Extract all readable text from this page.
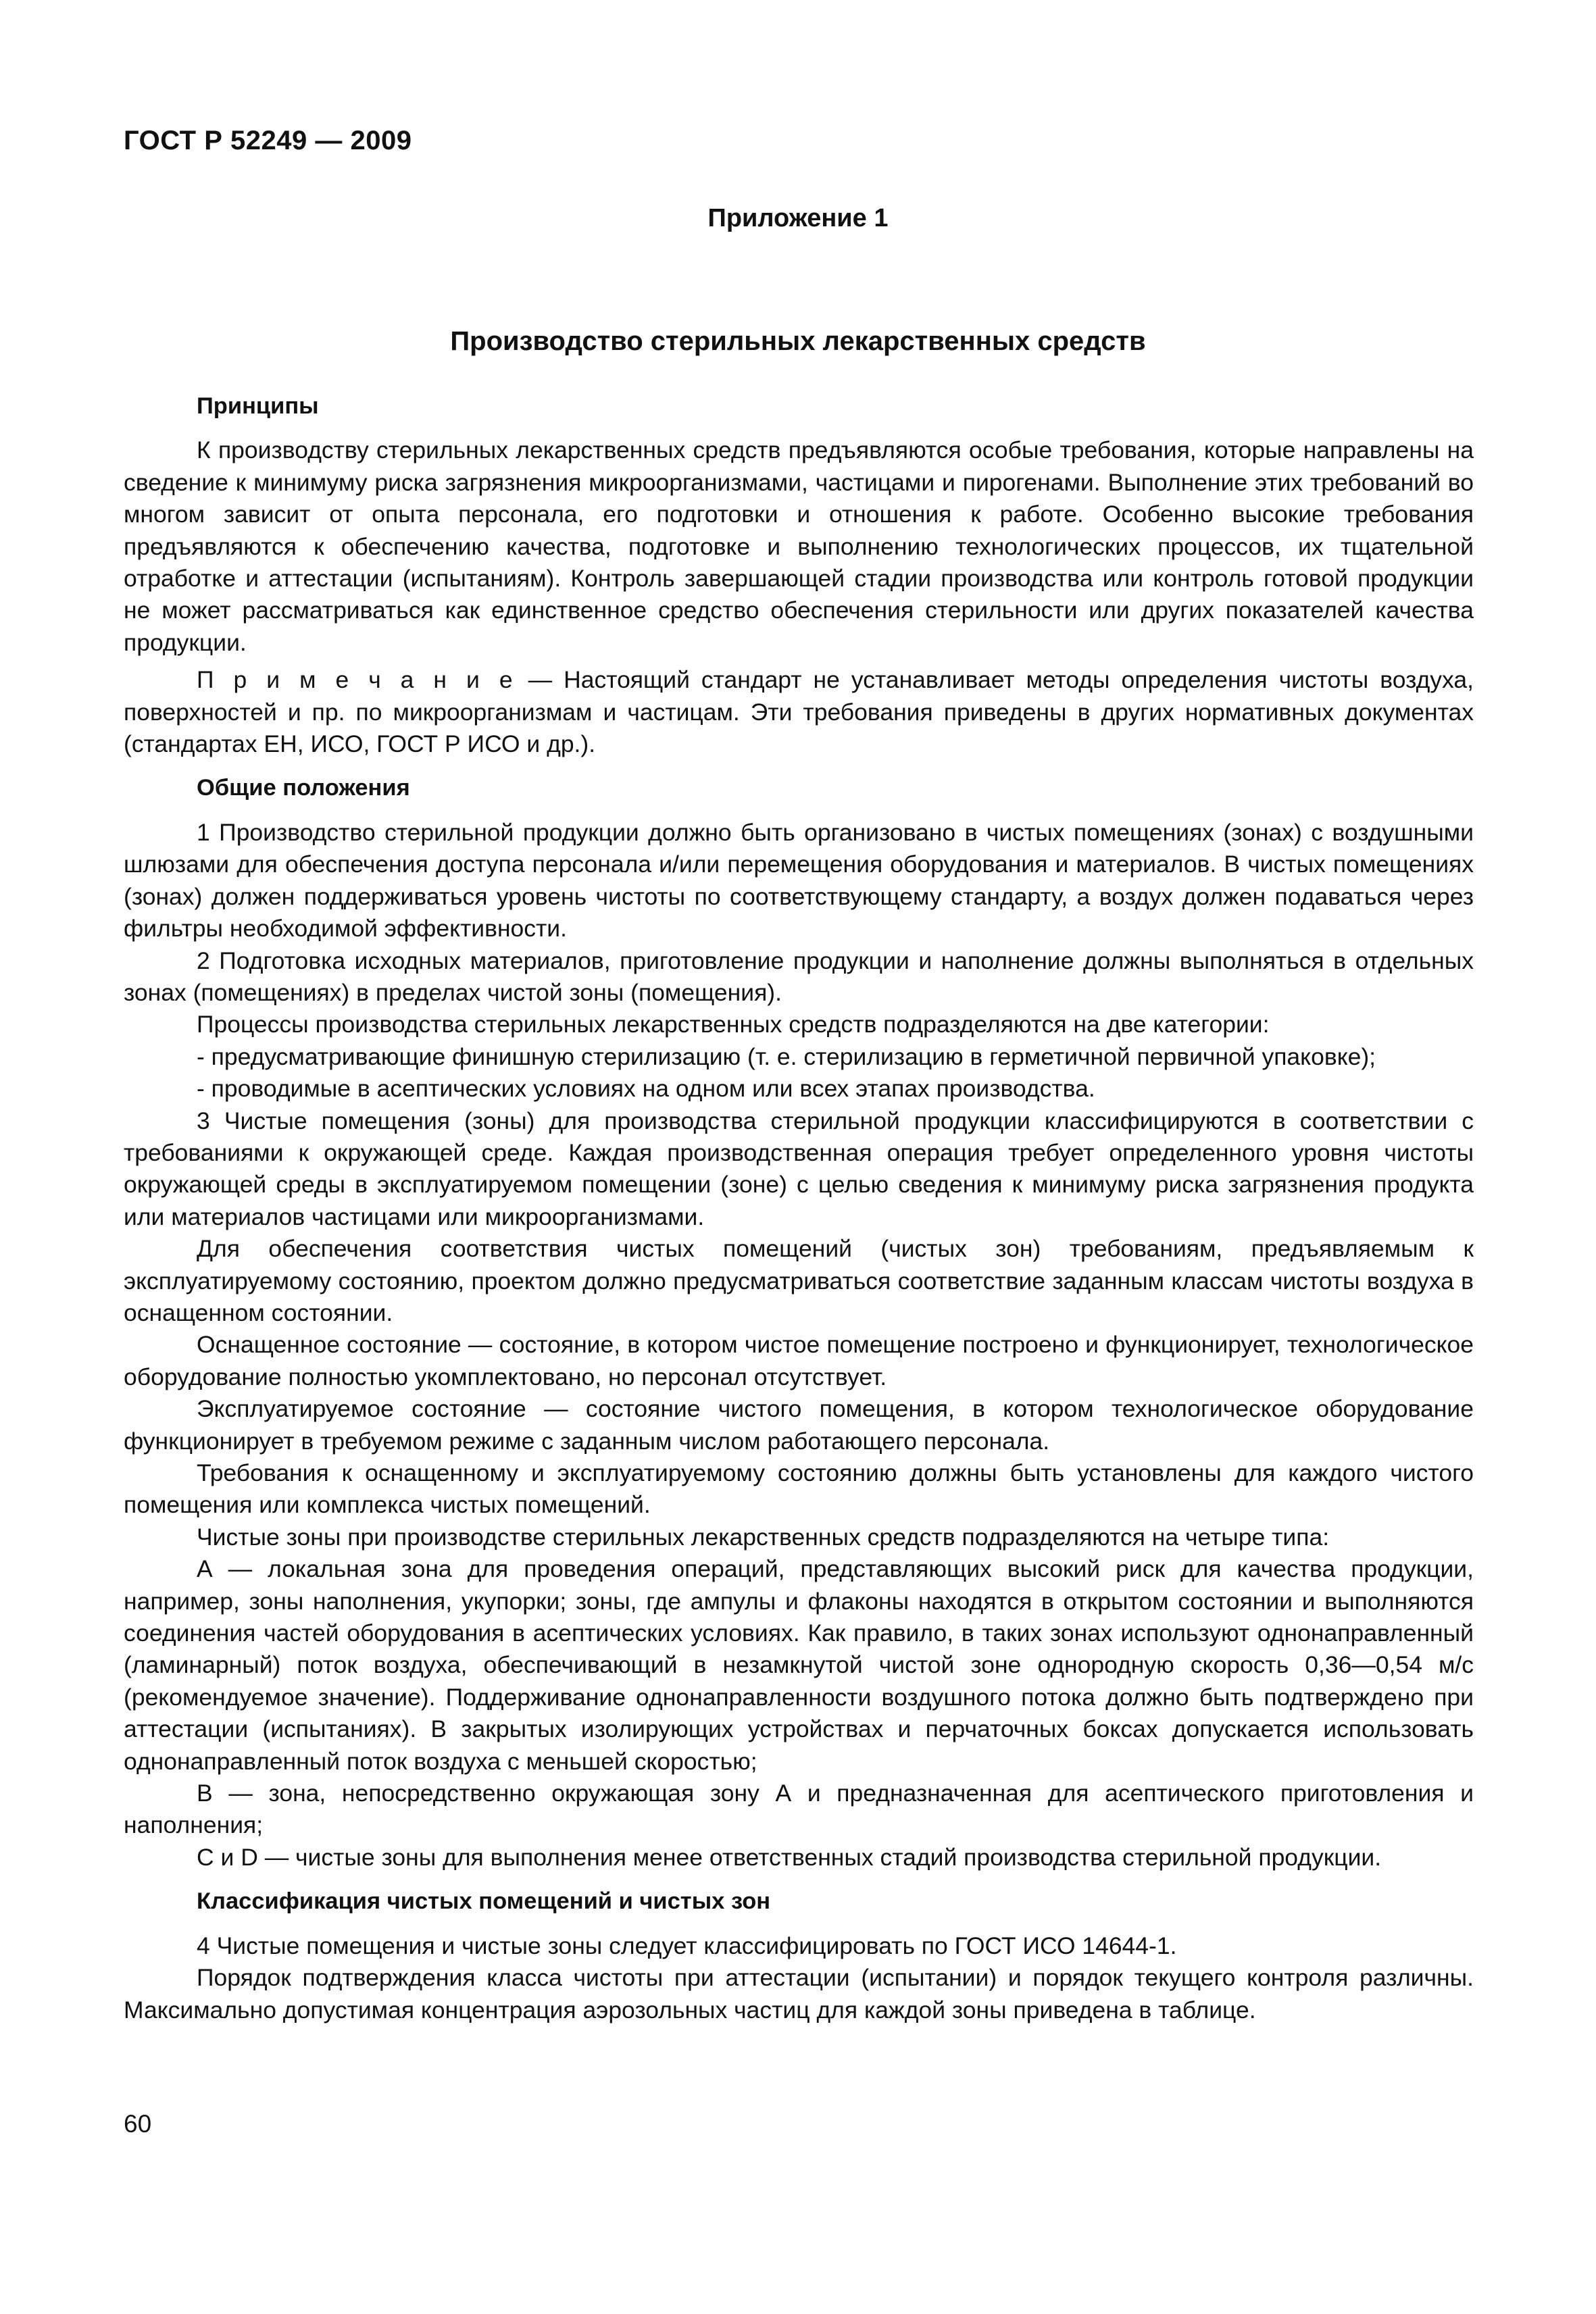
ГОСТ Р 52249 — 2009
Приложение 1
Производство стерильных лекарственных средств
Принципы

К производству стерильных лекарственных средств предъявляются особые требования, которые направлены на сведение к минимуму риска загрязнения микроорганизмами, частицами и пирогенами. Выполнение этих требований во многом зависит от опыта персонала, его подготовки и отношения к работе. Особенно высокие требования предъявляются к обеспечению качества, подготовке и выполнению технологических процессов, их тщательной отработке и аттестации (испытаниям). Контроль завершающей стадии производства или контроль готовой продукции не может рассматриваться как единственное средство обеспечения стерильности или других показателей качества продукции.

П р и м е ч а н и е — Настоящий стандарт не устанавливает методы определения чистоты воздуха, поверхностей и пр. по микроорганизмам и частицам. Эти требования приведены в других нормативных документах (стандартах ЕН, ИСО, ГОСТ Р ИСО и др.).

Общие положения

1 Производство стерильной продукции должно быть организовано в чистых помещениях (зонах) с воздушными шлюзами для обеспечения доступа персонала и/или перемещения оборудования и материалов. В чистых помещениях (зонах) должен поддерживаться уровень чистоты по соответствующему стандарту, а воздух должен подаваться через фильтры необходимой эффективности.

2 Подготовка исходных материалов, приготовление продукции и наполнение должны выполняться в отдельных зонах (помещениях) в пределах чистой зоны (помещения).

Процессы производства стерильных лекарственных средств подразделяются на две категории:

- предусматривающие финишную стерилизацию (т. е. стерилизацию в герметичной первичной упаковке);

- проводимые в асептических условиях на одном или всех этапах производства.

3 Чистые помещения (зоны) для производства стерильной продукции классифицируются в соответствии с требованиями к окружающей среде. Каждая производственная операция требует определенного уровня чистоты окружающей среды в эксплуатируемом помещении (зоне) с целью сведения к минимуму риска загрязнения продукта или материалов частицами или микроорганизмами.

Для обеспечения соответствия чистых помещений (чистых зон) требованиям, предъявляемым к эксплуатируемому состоянию, проектом должно предусматриваться соответствие заданным классам чистоты воздуха в оснащенном состоянии.

Оснащенное состояние — состояние, в котором чистое помещение построено и функционирует, технологическое оборудование полностью укомплектовано, но персонал отсутствует.

Эксплуатируемое состояние — состояние чистого помещения, в котором технологическое оборудование функционирует в требуемом режиме с заданным числом работающего персонала.

Требования к оснащенному и эксплуатируемому состоянию должны быть установлены для каждого чистого помещения или комплекса чистых помещений.

Чистые зоны при производстве стерильных лекарственных средств подразделяются на четыре типа:

А — локальная зона для проведения операций, представляющих высокий риск для качества продукции, например, зоны наполнения, укупорки; зоны, где ампулы и флаконы находятся в открытом состоянии и выполняются соединения частей оборудования в асептических условиях. Как правило, в таких зонах используют однонаправленный (ламинарный) поток воздуха, обеспечивающий в незамкнутой чистой зоне однородную скорость 0,36—0,54 м/с (рекомендуемое значение). Поддерживание однонаправленности воздушного потока должно быть подтверждено при аттестации (испытаниях). В закрытых изолирующих устройствах и перчаточных боксах допускается использовать однонаправленный поток воздуха с меньшей скоростью;

В — зона, непосредственно окружающая зону А и предназначенная для асептического приготовления и наполнения;

С и D — чистые зоны для выполнения менее ответственных стадий производства стерильной продукции.

Классификация чистых помещений и чистых зон

4 Чистые помещения и чистые зоны следует классифицировать по ГОСТ ИСО 14644-1.

Порядок подтверждения класса чистоты при аттестации (испытании) и порядок текущего контроля различны. Максимально допустимая концентрация аэрозольных частиц для каждой зоны приведена в таблице.

60
